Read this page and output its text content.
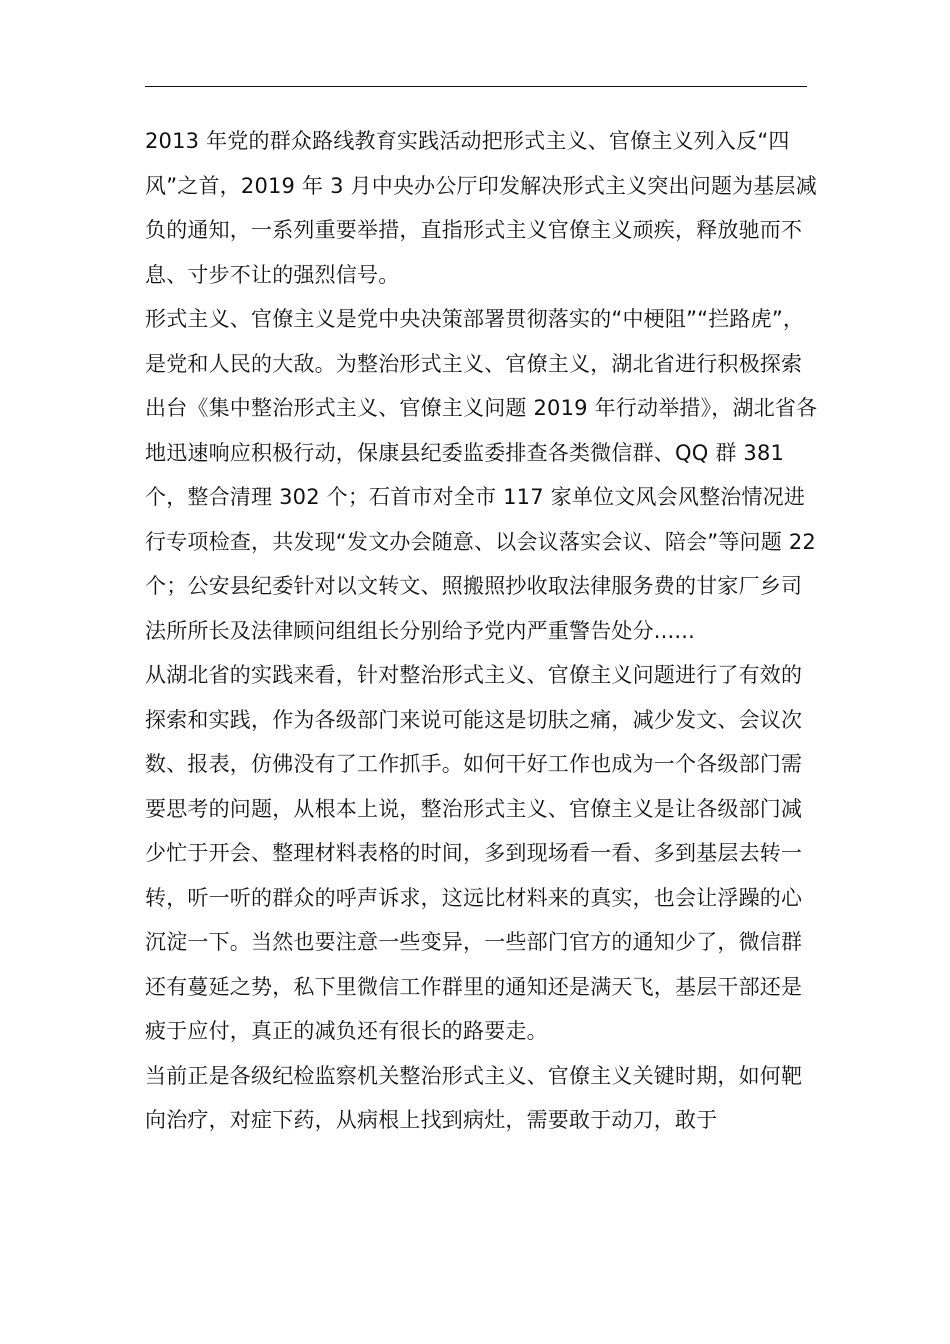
2013 年党的群众路线教育实践活动把形式主义、官僚主义列入反“四风”之首，2019 年 3 月中央办公厅印发解决形式主义突出问题为基层减负的通知，一系列重要举措，直指形式主义官僚主义顽疾，释放驰而不息、寸步不让的强烈信号。

形式主义、官僚主义是党中央决策部署贯彻落实的“中梗阻”“拦路虎”，是党和人民的大敌。为整治形式主义、官僚主义，湖北省进行积极探索出台《集中整治形式主义、官僚主义问题 2019 年行动举措》，湖北省各地迅速响应积极行动，保康县纪委监委排查各类微信群、QQ 群 381 个，整合清理 302 个；石首市对全市 117 家单位文风会风整治情况进行专项检查，共发现“发文办会随意、以会议落实会议、陪会”等问题 22 个；公安县纪委针对以文转文、照搬照抄收取法律服务费的甘家厂乡司法所所长及法律顾问组组长分别给予党内严重警告处分......

从湖北省的实践来看，针对整治形式主义、官僚主义问题进行了有效的探索和实践，作为各级部门来说可能这是切肤之痛，减少发文、会议次数、报表，仿佛没有了工作抓手。如何干好工作也成为一个各级部门需要思考的问题，从根本上说，整治形式主义、官僚主义是让各级部门减少忙于开会、整理材料表格的时间，多到现场看一看、多到基层去转一转，听一听的群众的呼声诉求，这远比材料来的真实，也会让浮躁的心沉淀一下。当然也要注意一些变异，一些部门官方的通知少了，微信群还有蔓延之势，私下里微信工作群里的通知还是满天飞，基层干部还是疲于应付，真正的减负还有很长的路要走。

当前正是各级纪检监察机关整治形式主义、官僚主义关键时期，如何靶向治疗，对症下药，从病根上找到病灶，需要敢于动刀，敢于
